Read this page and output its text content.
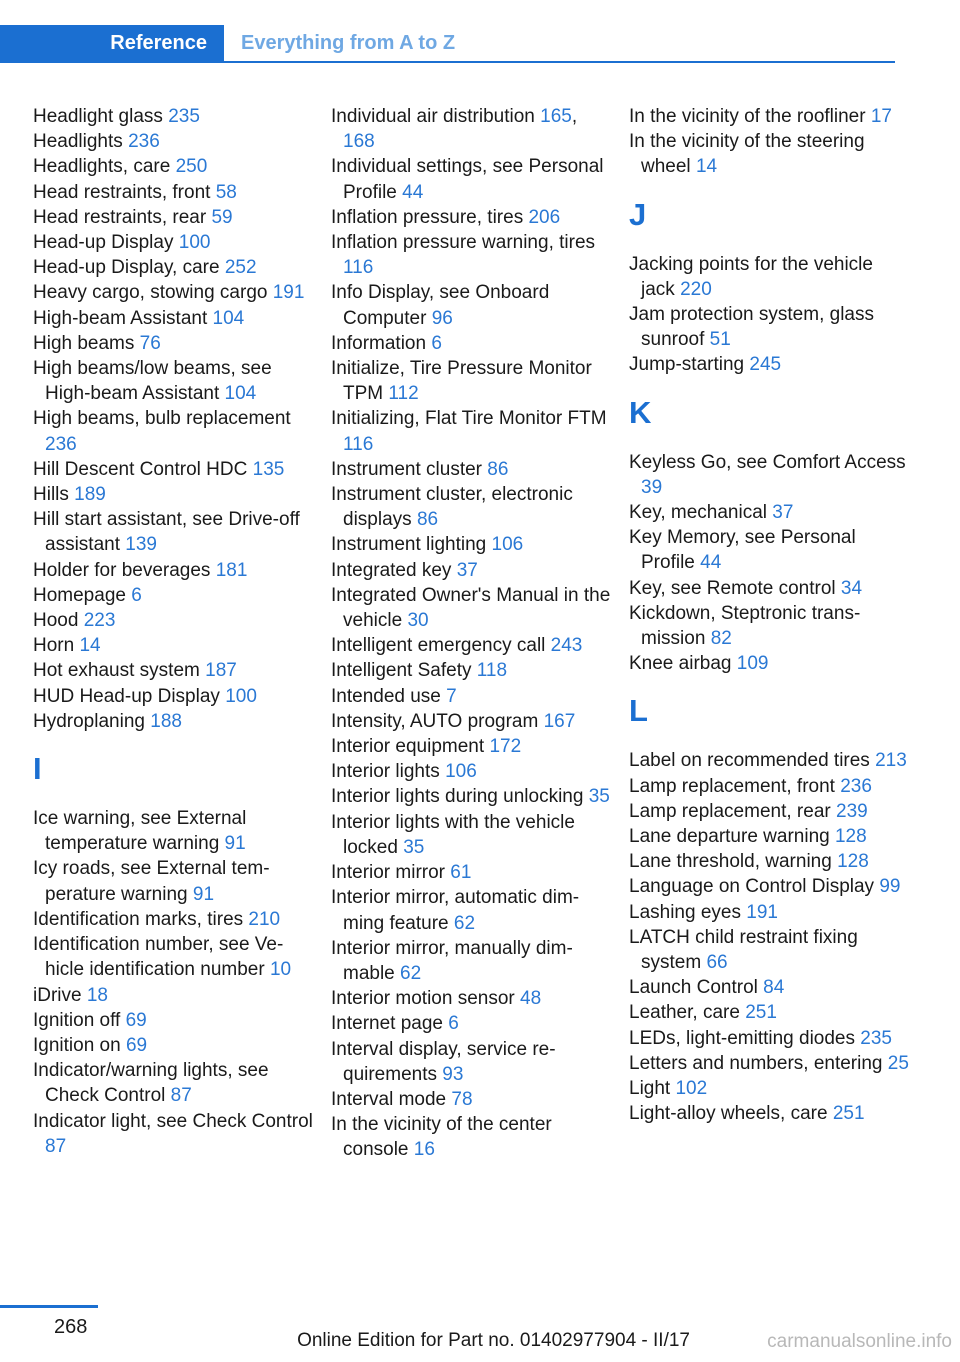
Reference	Everything from A to Z
Headlight glass 235
Headlights 236
Headlights, care 250
Head restraints, front 58
Head restraints, rear 59
Head-up Display 100
Head-up Display, care 252
Heavy cargo, stowing cargo 191
High-beam Assistant 104
High beams 76
High beams/low beams, see High-beam Assistant 104
High beams, bulb replacement 236
Hill Descent Control HDC 135
Hills 189
Hill start assistant, see Drive-off assistant 139
Holder for beverages 181
Homepage 6
Hood 223
Horn 14
Hot exhaust system 187
HUD Head-up Display 100
Hydroplaning 188
I
Ice warning, see External temperature warning 91
Icy roads, see External temperature warning 91
Identification marks, tires 210
Identification number, see Vehicle identification number 10
iDrive 18
Ignition off 69
Ignition on 69
Indicator/warning lights, see Check Control 87
Indicator light, see Check Control 87
Individual air distribution 165, 168
Individual settings, see Personal Profile 44
Inflation pressure, tires 206
Inflation pressure warning, tires 116
Info Display, see Onboard Computer 96
Information 6
Initialize, Tire Pressure Monitor TPM 112
Initializing, Flat Tire Monitor FTM 116
Instrument cluster 86
Instrument cluster, electronic displays 86
Instrument lighting 106
Integrated key 37
Integrated Owner's Manual in the vehicle 30
Intelligent emergency call 243
Intelligent Safety 118
Intended use 7
Intensity, AUTO program 167
Interior equipment 172
Interior lights 106
Interior lights during unlocking 35
Interior lights with the vehicle locked 35
Interior mirror 61
Interior mirror, automatic dimming feature 62
Interior mirror, manually dimmable 62
Interior motion sensor 48
Internet page 6
Interval display, service requirements 93
Interval mode 78
In the vicinity of the center console 16
In the vicinity of the roofliner 17
In the vicinity of the steering wheel 14
J
Jacking points for the vehicle jack 220
Jam protection system, glass sunroof 51
Jump-starting 245
K
Keyless Go, see Comfort Access 39
Key, mechanical 37
Key Memory, see Personal Profile 44
Key, see Remote control 34
Kickdown, Steptronic transmission 82
Knee airbag 109
L
Label on recommended tires 213
Lamp replacement, front 236
Lamp replacement, rear 239
Lane departure warning 128
Lane threshold, warning 128
Language on Control Display 99
Lashing eyes 191
LATCH child restraint fixing system 66
Launch Control 84
Leather, care 251
LEDs, light-emitting diodes 235
Letters and numbers, entering 25
Light 102
Light-alloy wheels, care 251
268
Online Edition for Part no. 01402977904 - II/17	carmanualsonline.info
